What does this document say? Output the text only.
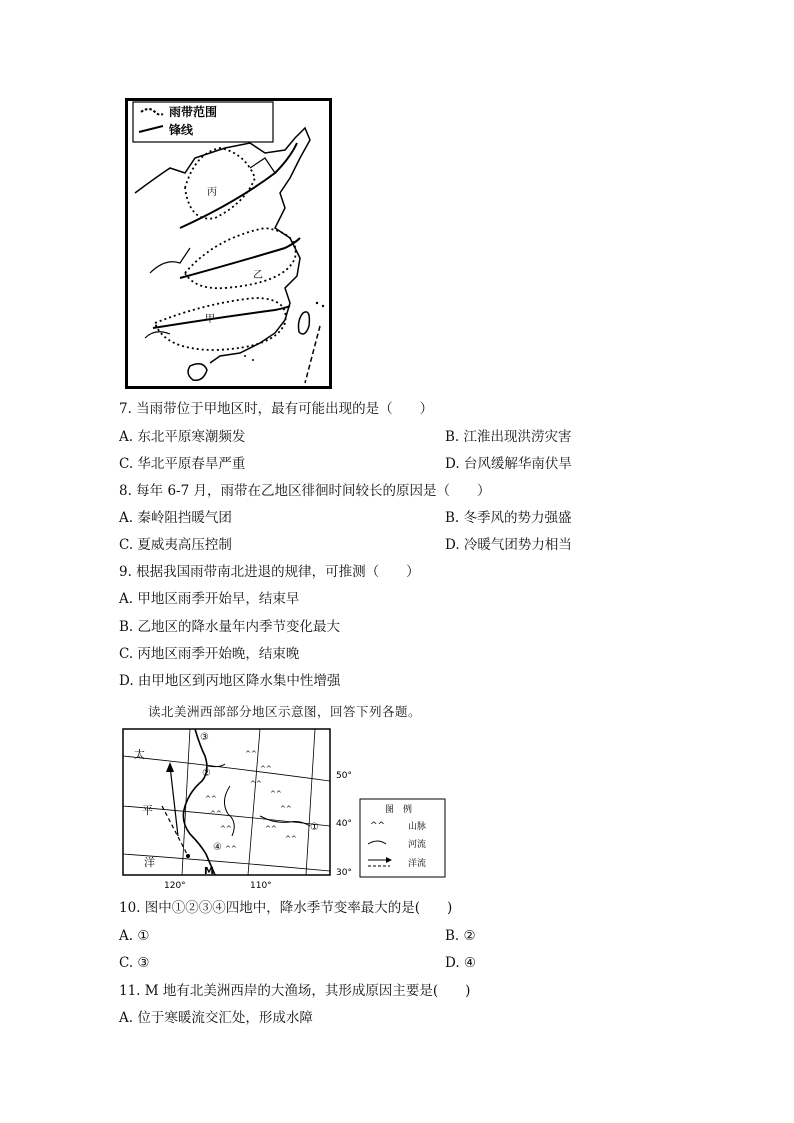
雨带范围
锋线
丙
乙
甲
7. 当雨带位于甲地区时，最有可能出现的是（　　）
A. 东北平原寒潮频发	B. 江淮出现洪涝灾害
C. 华北平原春旱严重	D. 台风缓解华南伏旱
8. 每年 6-7 月，雨带在乙地区徘徊时间较长的原因是（　　）
A. 秦岭阻挡暖气团	B. 冬季风的势力强盛
C. 夏威夷高压控制	D. 冷暖气团势力相当
9. 根据我国雨带南北进退的规律，可推测（　　）
A. 甲地区雨季开始早，结束早
B. 乙地区的降水量年内季节变化最大
C. 丙地区雨季开始晚，结束晚
D. 由甲地区到丙地区降水集中性增强
读北美洲西部部分地区示意图，回答下列各题。
^^
^^
^^
^^
^^
^^
^^
^^	^^
^^
^^
太
平
洋
M
③
②
①
④
50°
40°
30°
120°	110°
图　例
^^	山脉
河流
洋流
10. 图中①②③④四地中，降水季节变率最大的是(　　)
A. ①	B. ②
C. ③	D. ④
11. M 地有北美洲西岸的大渔场，其形成原因主要是(　　)
A. 位于寒暖流交汇处，形成水障
